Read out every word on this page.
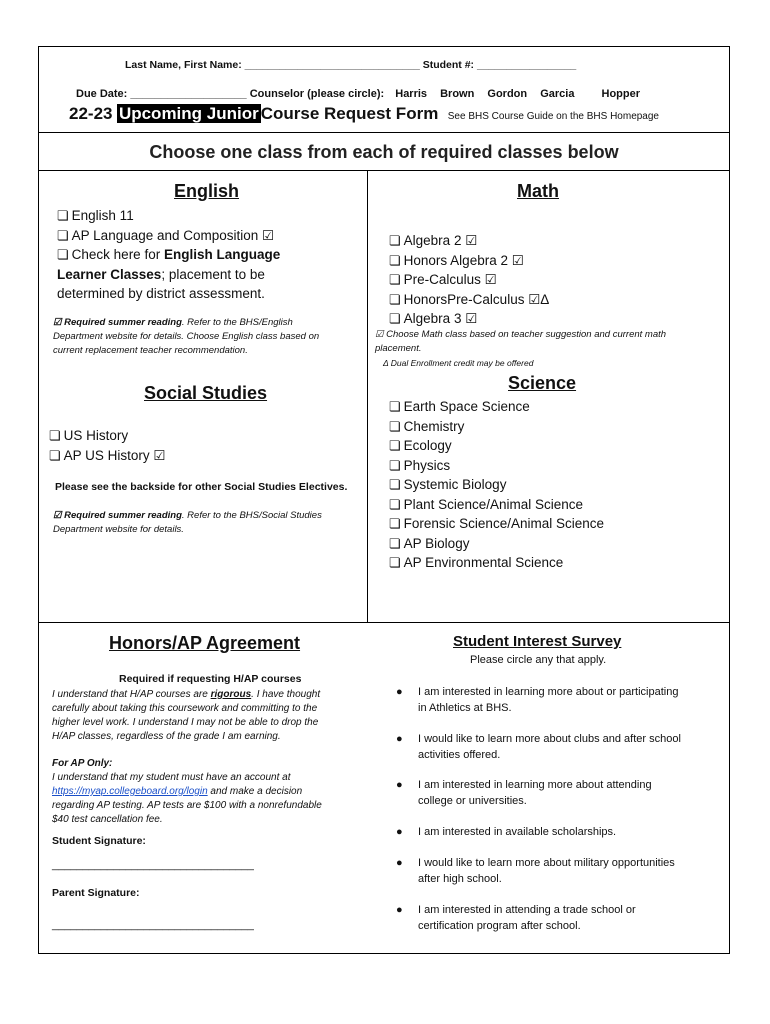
Last Name, First Name: ______________________________ Student #: _________________
Due Date: ___________________ Counselor (please circle): Harris Brown Gordon Garcia Hopper
22-23 Upcoming Junior Course Request Form See BHS Course Guide on the BHS Homepage
Choose one class from each of required classes below
English
❏ English 11
❏ AP Language and Composition ☑
❏ Check here for English Language
Learner Classes; placement to be
determined by district assessment.
☑ Required summer reading. Refer to the BHS/English
Department website for details. Choose English class based on
current replacement teacher recommendation.
Math
❏ Algebra 2 ☑
❏ Honors Algebra 2 ☑
❏ Pre-Calculus ☑
❏ HonorsPre-Calculus ☑Δ
❏ Algebra 3 ☑
☑ Choose Math class based on teacher suggestion and current math
placement.
Δ Dual Enrollment credit may be offered
Social Studies
❏ US History
❏ AP US History ☑
Please see the backside for other Social Studies Electives.
☑ Required summer reading. Refer to the BHS/Social Studies
Department website for details.
Science
❏ Earth Space Science
❏ Chemistry
❏ Ecology
❏ Physics
❏ Systemic Biology
❏ Plant Science/Animal Science
❏ Forensic Science/Animal Science
❏ AP Biology
❏ AP Environmental Science
Honors/AP Agreement
Required if requesting H/AP courses
I understand that H/AP courses are rigorous. I have thought
carefully about taking this coursework and committing to the
higher level work. I understand I may not be able to drop the
H/AP classes, regardless of the grade I am earning.
For AP Only:
I understand that my student must have an account at
https://myap.collegeboard.org/login and make a decision
regarding AP testing. AP tests are $100 with a nonrefundable
$40 test cancellation fee.
Student Signature:
_________________________________
Parent Signature:
_________________________________
Student Interest Survey
Please circle any that apply.
● I am interested in learning more about or participating
in Athletics at BHS.
● I would like to learn more about clubs and after school
activities offered.
● I am interested in learning more about attending
college or universities.
● I am interested in available scholarships.
● I would like to learn more about military opportunities
after high school.
● I am interested in attending a trade school or
certification program after school.
